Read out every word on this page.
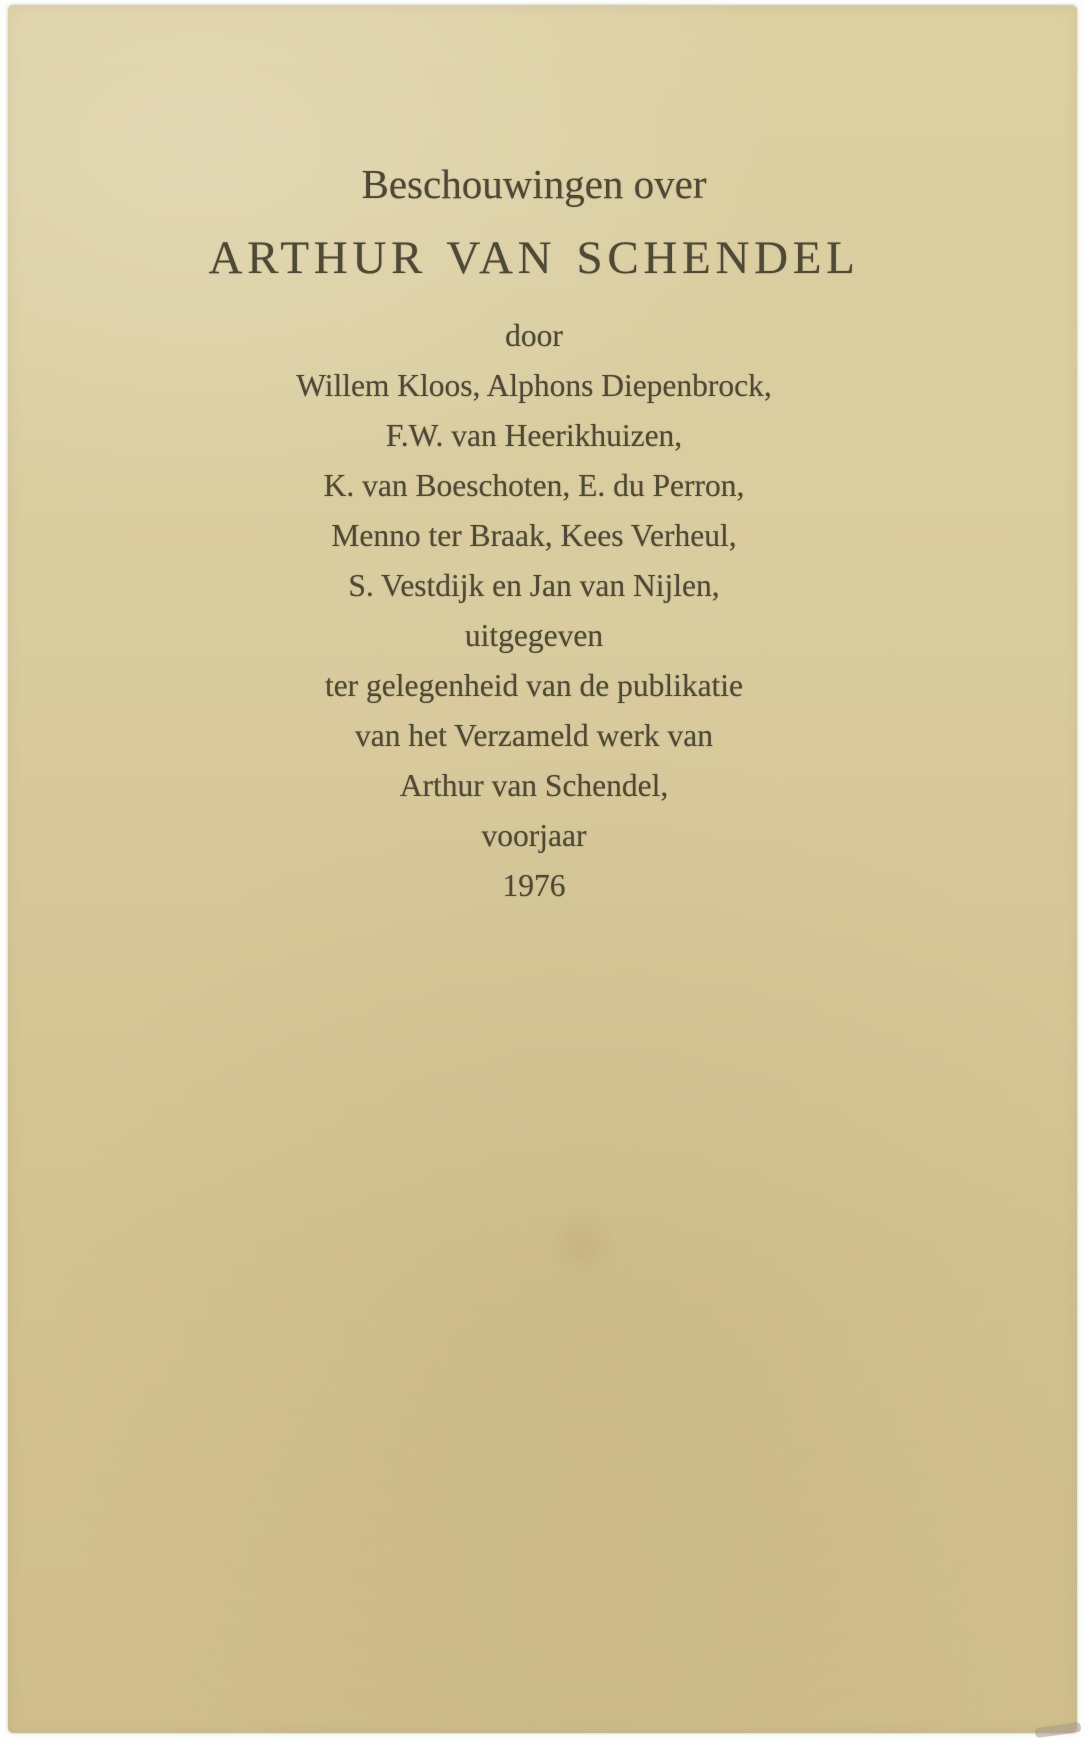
Beschouwingen over
ARTHUR VAN SCHENDEL
door
Willem Kloos, Alphons Diepenbrock,
F.W. van Heerikhuizen,
K. van Boeschoten, E. du Perron,
Menno ter Braak, Kees Verheul,
S. Vestdijk en Jan van Nijlen,
uitgegeven
ter gelegenheid van de publikatie
van het Verzameld werk van
Arthur van Schendel,
voorjaar
1976
